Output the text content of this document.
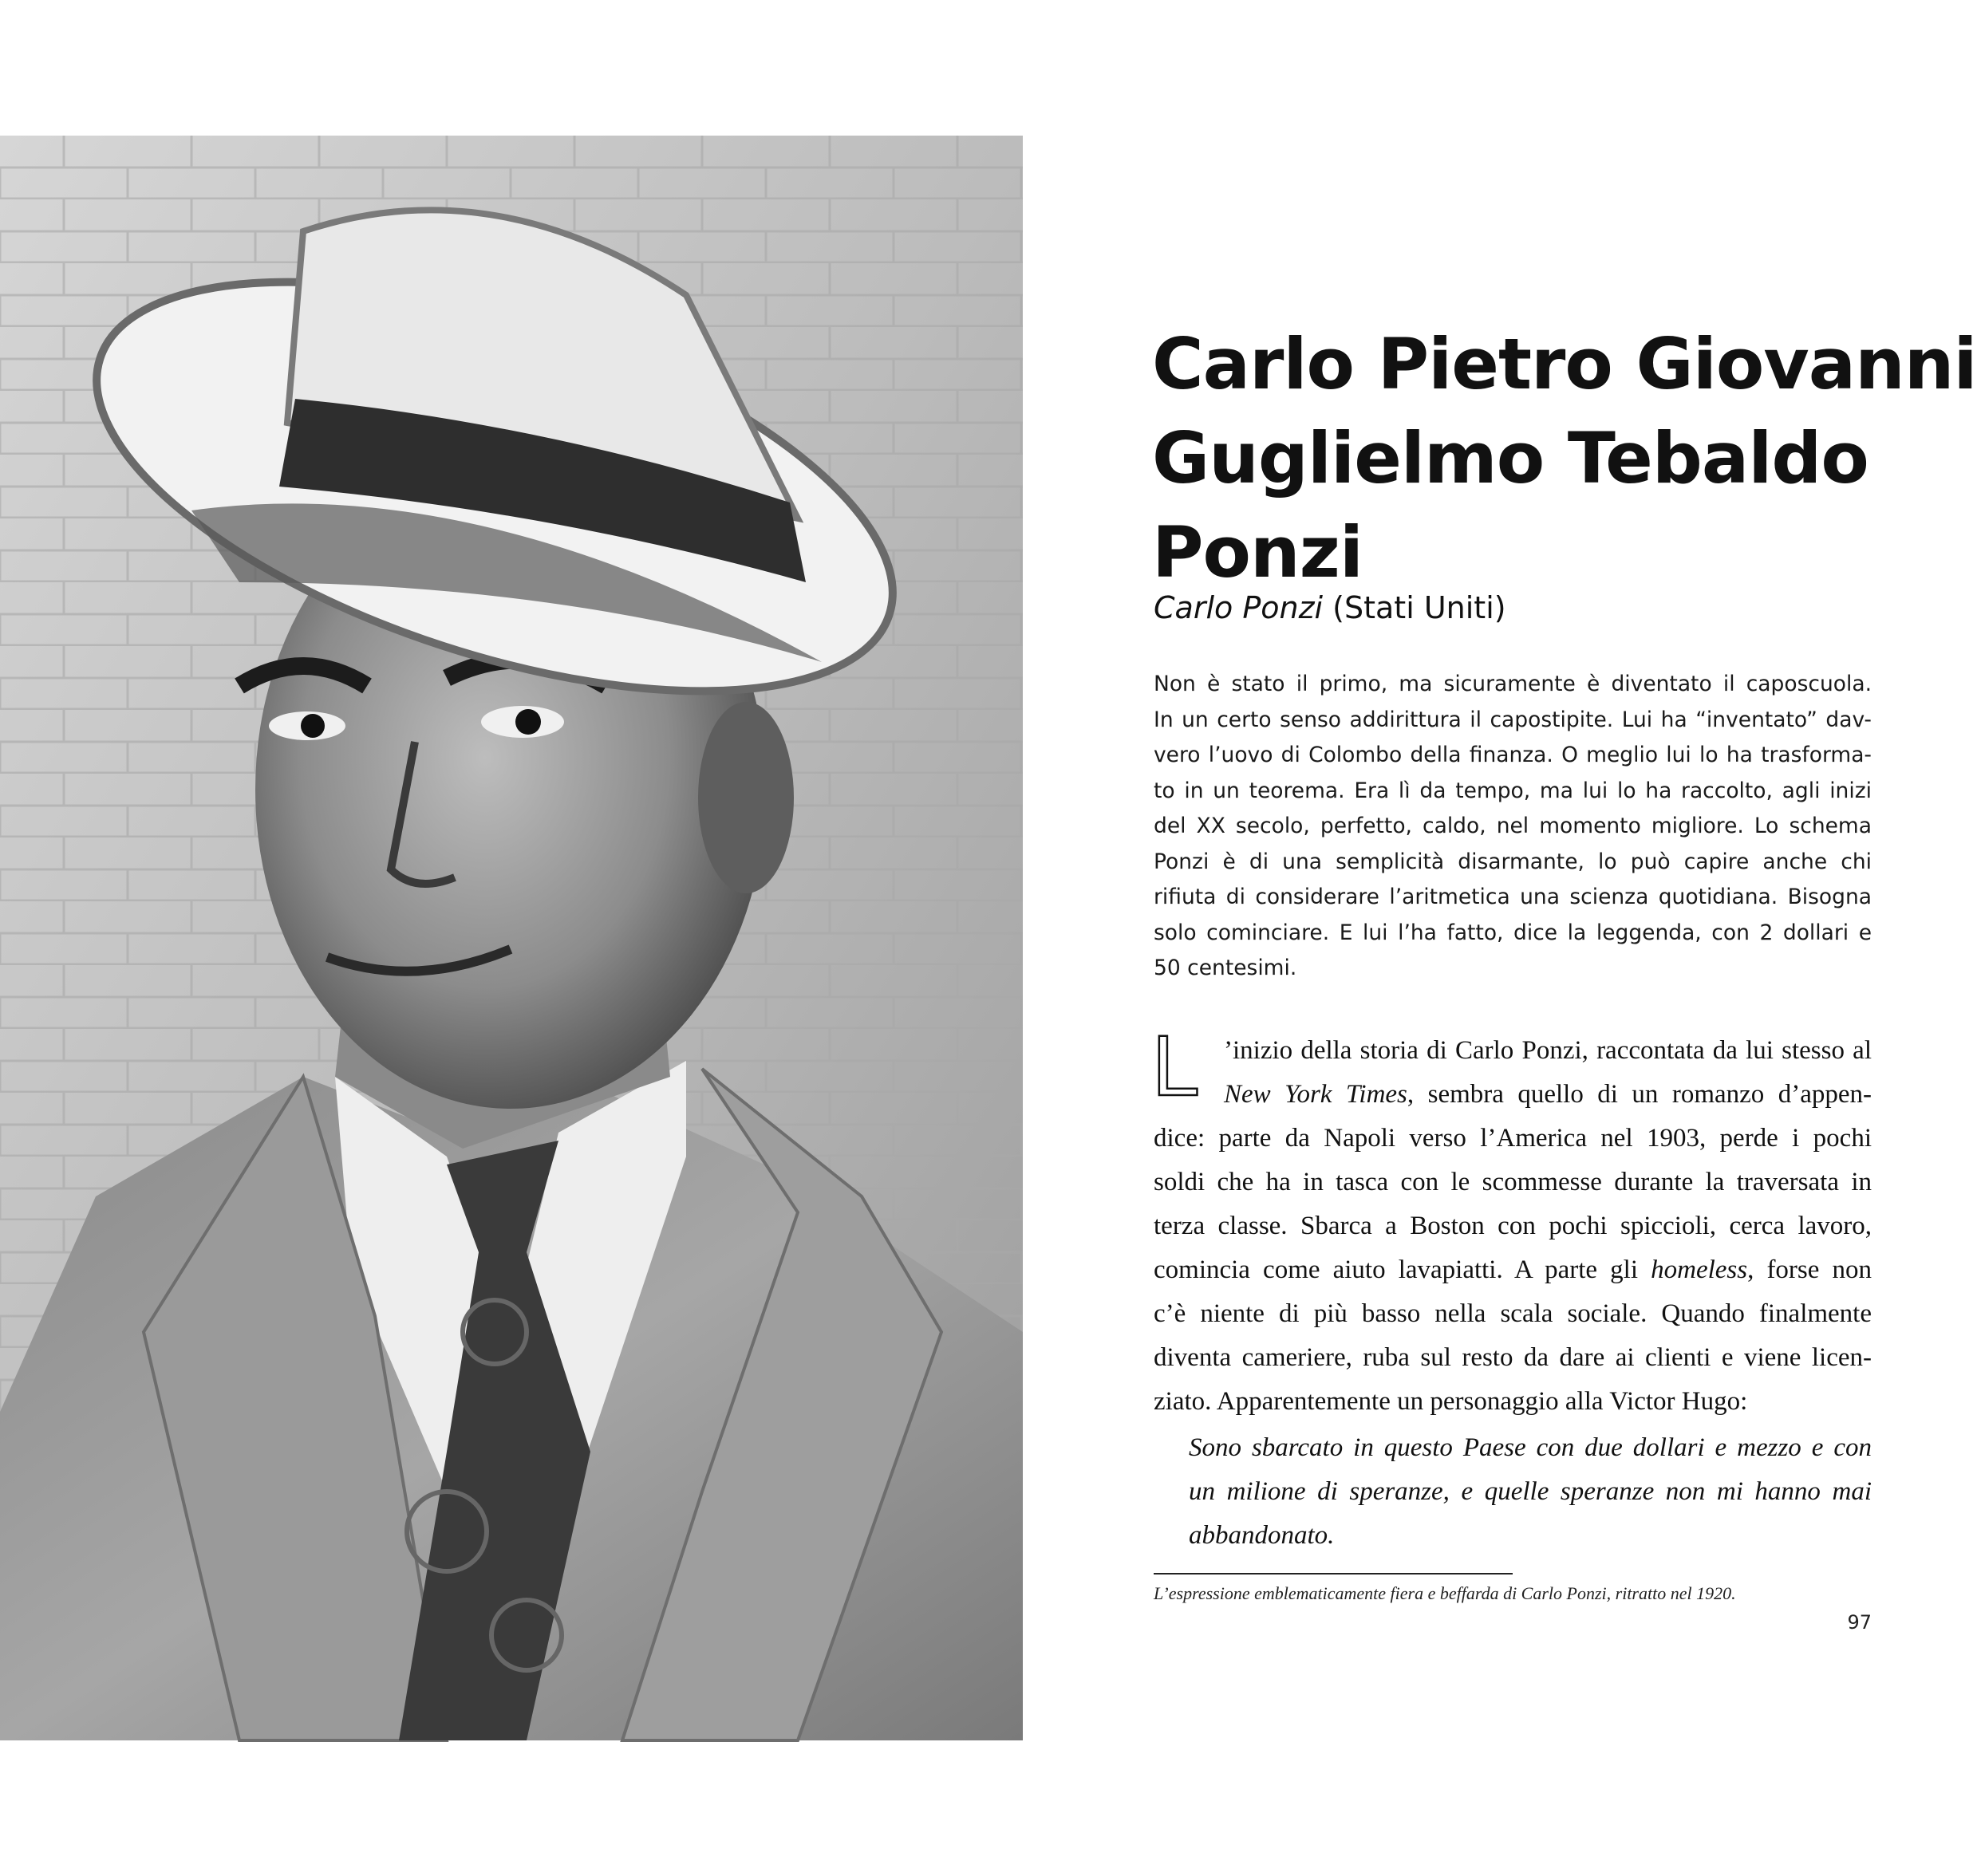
Carlo Pietro Giovanni
Guglielmo Tebaldo
Ponzi
Carlo Ponzi (Stati Uniti)
Non è stato il primo, ma sicuramente è diventato il caposcuola.
In un certo senso addirittura il capostipite. Lui ha “inventato” dav-
vero l’uovo di Colombo della finanza. O meglio lui lo ha trasforma-
to in un teorema. Era lì da tempo, ma lui lo ha raccolto, agli inizi
del XX secolo, perfetto, caldo, nel momento migliore. Lo schema
Ponzi è di una semplicità disarmante, lo può capire anche chi
rifiuta di considerare l’aritmetica una scienza quotidiana. Bisogna
solo cominciare. E lui l’ha fatto, dice la leggenda, con 2 dollari e
50 centesimi.
L ’inizio della storia di Carlo Ponzi, raccontata da lui stesso al
New York Times, sembra quello di un romanzo d’appen-
dice: parte da Napoli verso l’America nel 1903, perde i pochi
soldi che ha in tasca con le scommesse durante la traversata in
terza classe. Sbarca a Boston con pochi spiccioli, cerca lavoro,
comincia come aiuto lavapiatti. A parte gli homeless, forse non
c’è niente di più basso nella scala sociale. Quando finalmente
diventa cameriere, ruba sul resto da dare ai clienti e viene licen-
ziato. Apparentemente un personaggio alla Victor Hugo:
Sono sbarcato in questo Paese con due dollari e mezzo e con
un milione di speranze, e quelle speranze non mi hanno mai
abbandonato.
L’espressione emblematicamente fiera e beffarda di Carlo Ponzi, ritratto nel 1920.
97
